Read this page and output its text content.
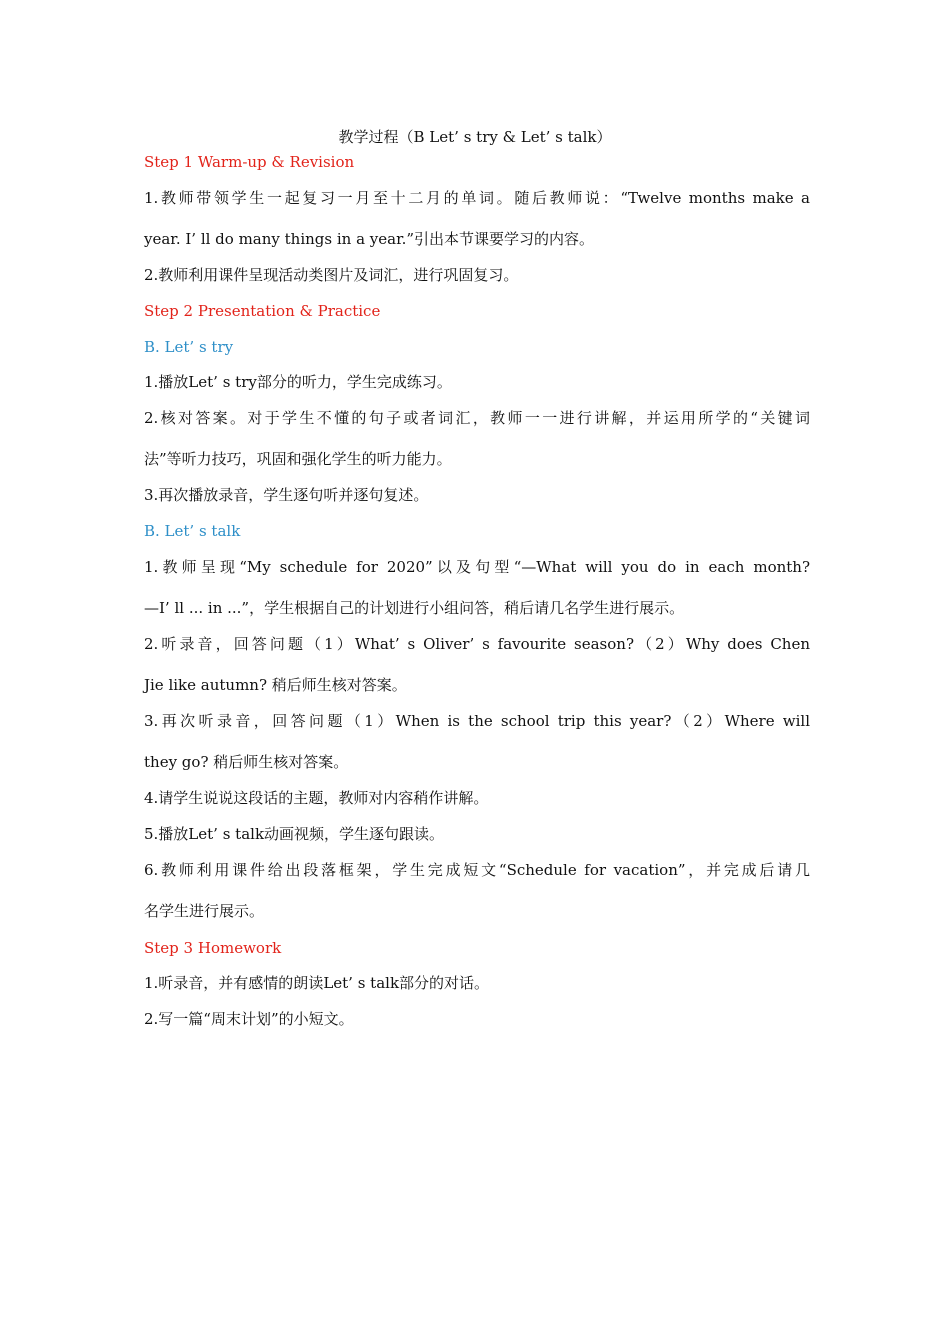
教学过程（B Let’ s try & Let’ s talk）
Step 1 Warm-up & Revision
1.教师带领学生一起复习一月至十二月的单词。随后教师说：“Twelve months make a
year. I’ ll do many things in a year.”引出本节课要学习的内容。
2.教师利用课件呈现活动类图片及词汇，进行巩固复习。
Step 2 Presentation & Practice
B. Let’ s try
1.播放Let’ s try部分的听力，学生完成练习。
2.核对答案。对于学生不懂的句子或者词汇，教师一一进行讲解，并运用所学的“关键词
法”等听力技巧，巩固和强化学生的听力能力。
3.再次播放录音，学生逐句听并逐句复述。
B. Let’ s talk
1.教师呈现“My schedule for 2020”以及句型“—What will you do in each month?
—I’ ll ... in ...”，学生根据自己的计划进行小组问答，稍后请几名学生进行展示。
2.听录音，回答问题（1）What’ s Oliver’ s favourite season?（2）Why does Chen
Jie like autumn? 稍后师生核对答案。
3.再次听录音，回答问题（1）When is the school trip this year?（2）Where will
they go? 稍后师生核对答案。
4.请学生说说这段话的主题，教师对内容稍作讲解。
5.播放Let’ s talk动画视频，学生逐句跟读。
6.教师利用课件给出段落框架，学生完成短文“Schedule for vacation”，并完成后请几
名学生进行展示。
Step 3 Homework
1.听录音，并有感情的朗读Let’ s talk部分的对话。
2.写一篇“周末计划”的小短文。
